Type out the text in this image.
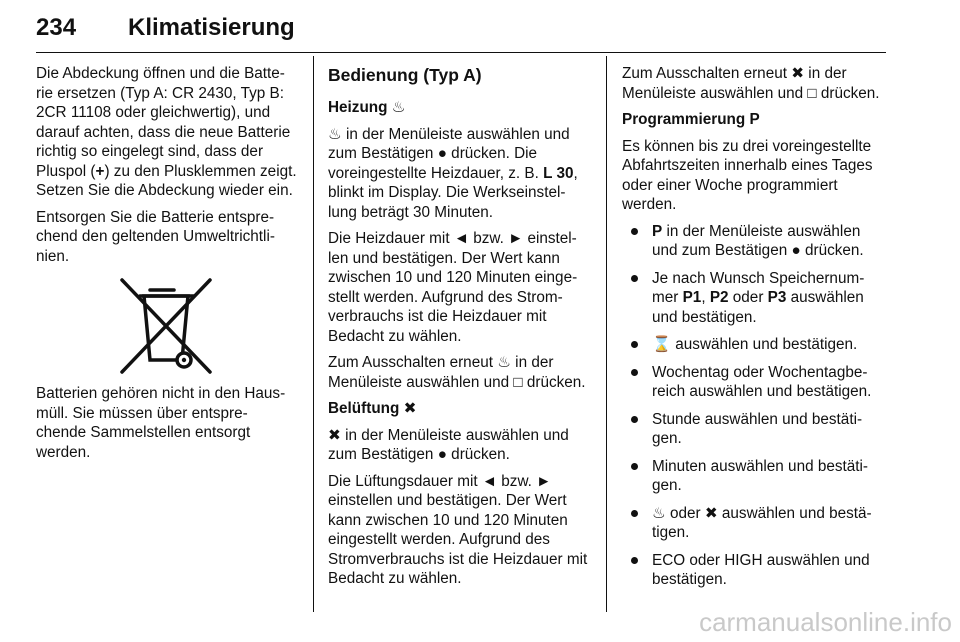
234 Klimatisierung

Die Abdeckung öffnen und die Batte- rie ersetzen (Typ A: CR 2430, Typ B: 2CR 11108 oder gleichwertig), und darauf achten, dass die neue Batterie richtig so eingelegt sind, dass der Pluspol (+) zu den Plusklemmen zeigt. Setzen Sie die Abdeckung wieder ein.

Entsorgen Sie die Batterie entspre- chend den geltenden Umweltrichtli- nien.

Batterien gehören nicht in den Haus- müll. Sie müssen über entspre- chende Sammelstellen entsorgt werden.

Bedienung (Typ A)

Heizung ♨

♨ in der Menüleiste auswählen und zum Bestätigen ● drücken. Die voreingestellte Heizdauer, z. B. L 30, blinkt im Display. Die Werkseinstel- lung beträgt 30 Minuten.

Die Heizdauer mit ◄ bzw. ► einstel- len und bestätigen. Der Wert kann zwischen 10 und 120 Minuten einge- stellt werden. Aufgrund des Strom- verbrauchs ist die Heizdauer mit Bedacht zu wählen.

Zum Ausschalten erneut ♨ in der Menüleiste auswählen und □ drücken.

Belüftung ✖

✖ in der Menüleiste auswählen und zum Bestätigen ● drücken.

Die Lüftungsdauer mit ◄ bzw. ► einstellen und bestätigen. Der Wert kann zwischen 10 und 120 Minuten eingestellt werden. Aufgrund des Stromverbrauchs ist die Heizdauer mit Bedacht zu wählen.

Zum Ausschalten erneut ✖ in der Menüleiste auswählen und □ drücken.

Programmierung P

Es können bis zu drei voreingestellte Abfahrtszeiten innerhalb eines Tages oder einer Woche programmiert werden.

P in der Menüleiste auswählen und zum Bestätigen ● drücken.
Je nach Wunsch Speichernum- mer P1, P2 oder P3 auswählen und bestätigen.
⌛ auswählen und bestätigen.
Wochentag oder Wochentagbe- reich auswählen und bestätigen.
Stunde auswählen und bestäti- gen.
Minuten auswählen und bestäti- gen.
♨ oder ✖ auswählen und bestä- tigen.
ECO oder HIGH auswählen und bestätigen.
carmanualsonline.info
